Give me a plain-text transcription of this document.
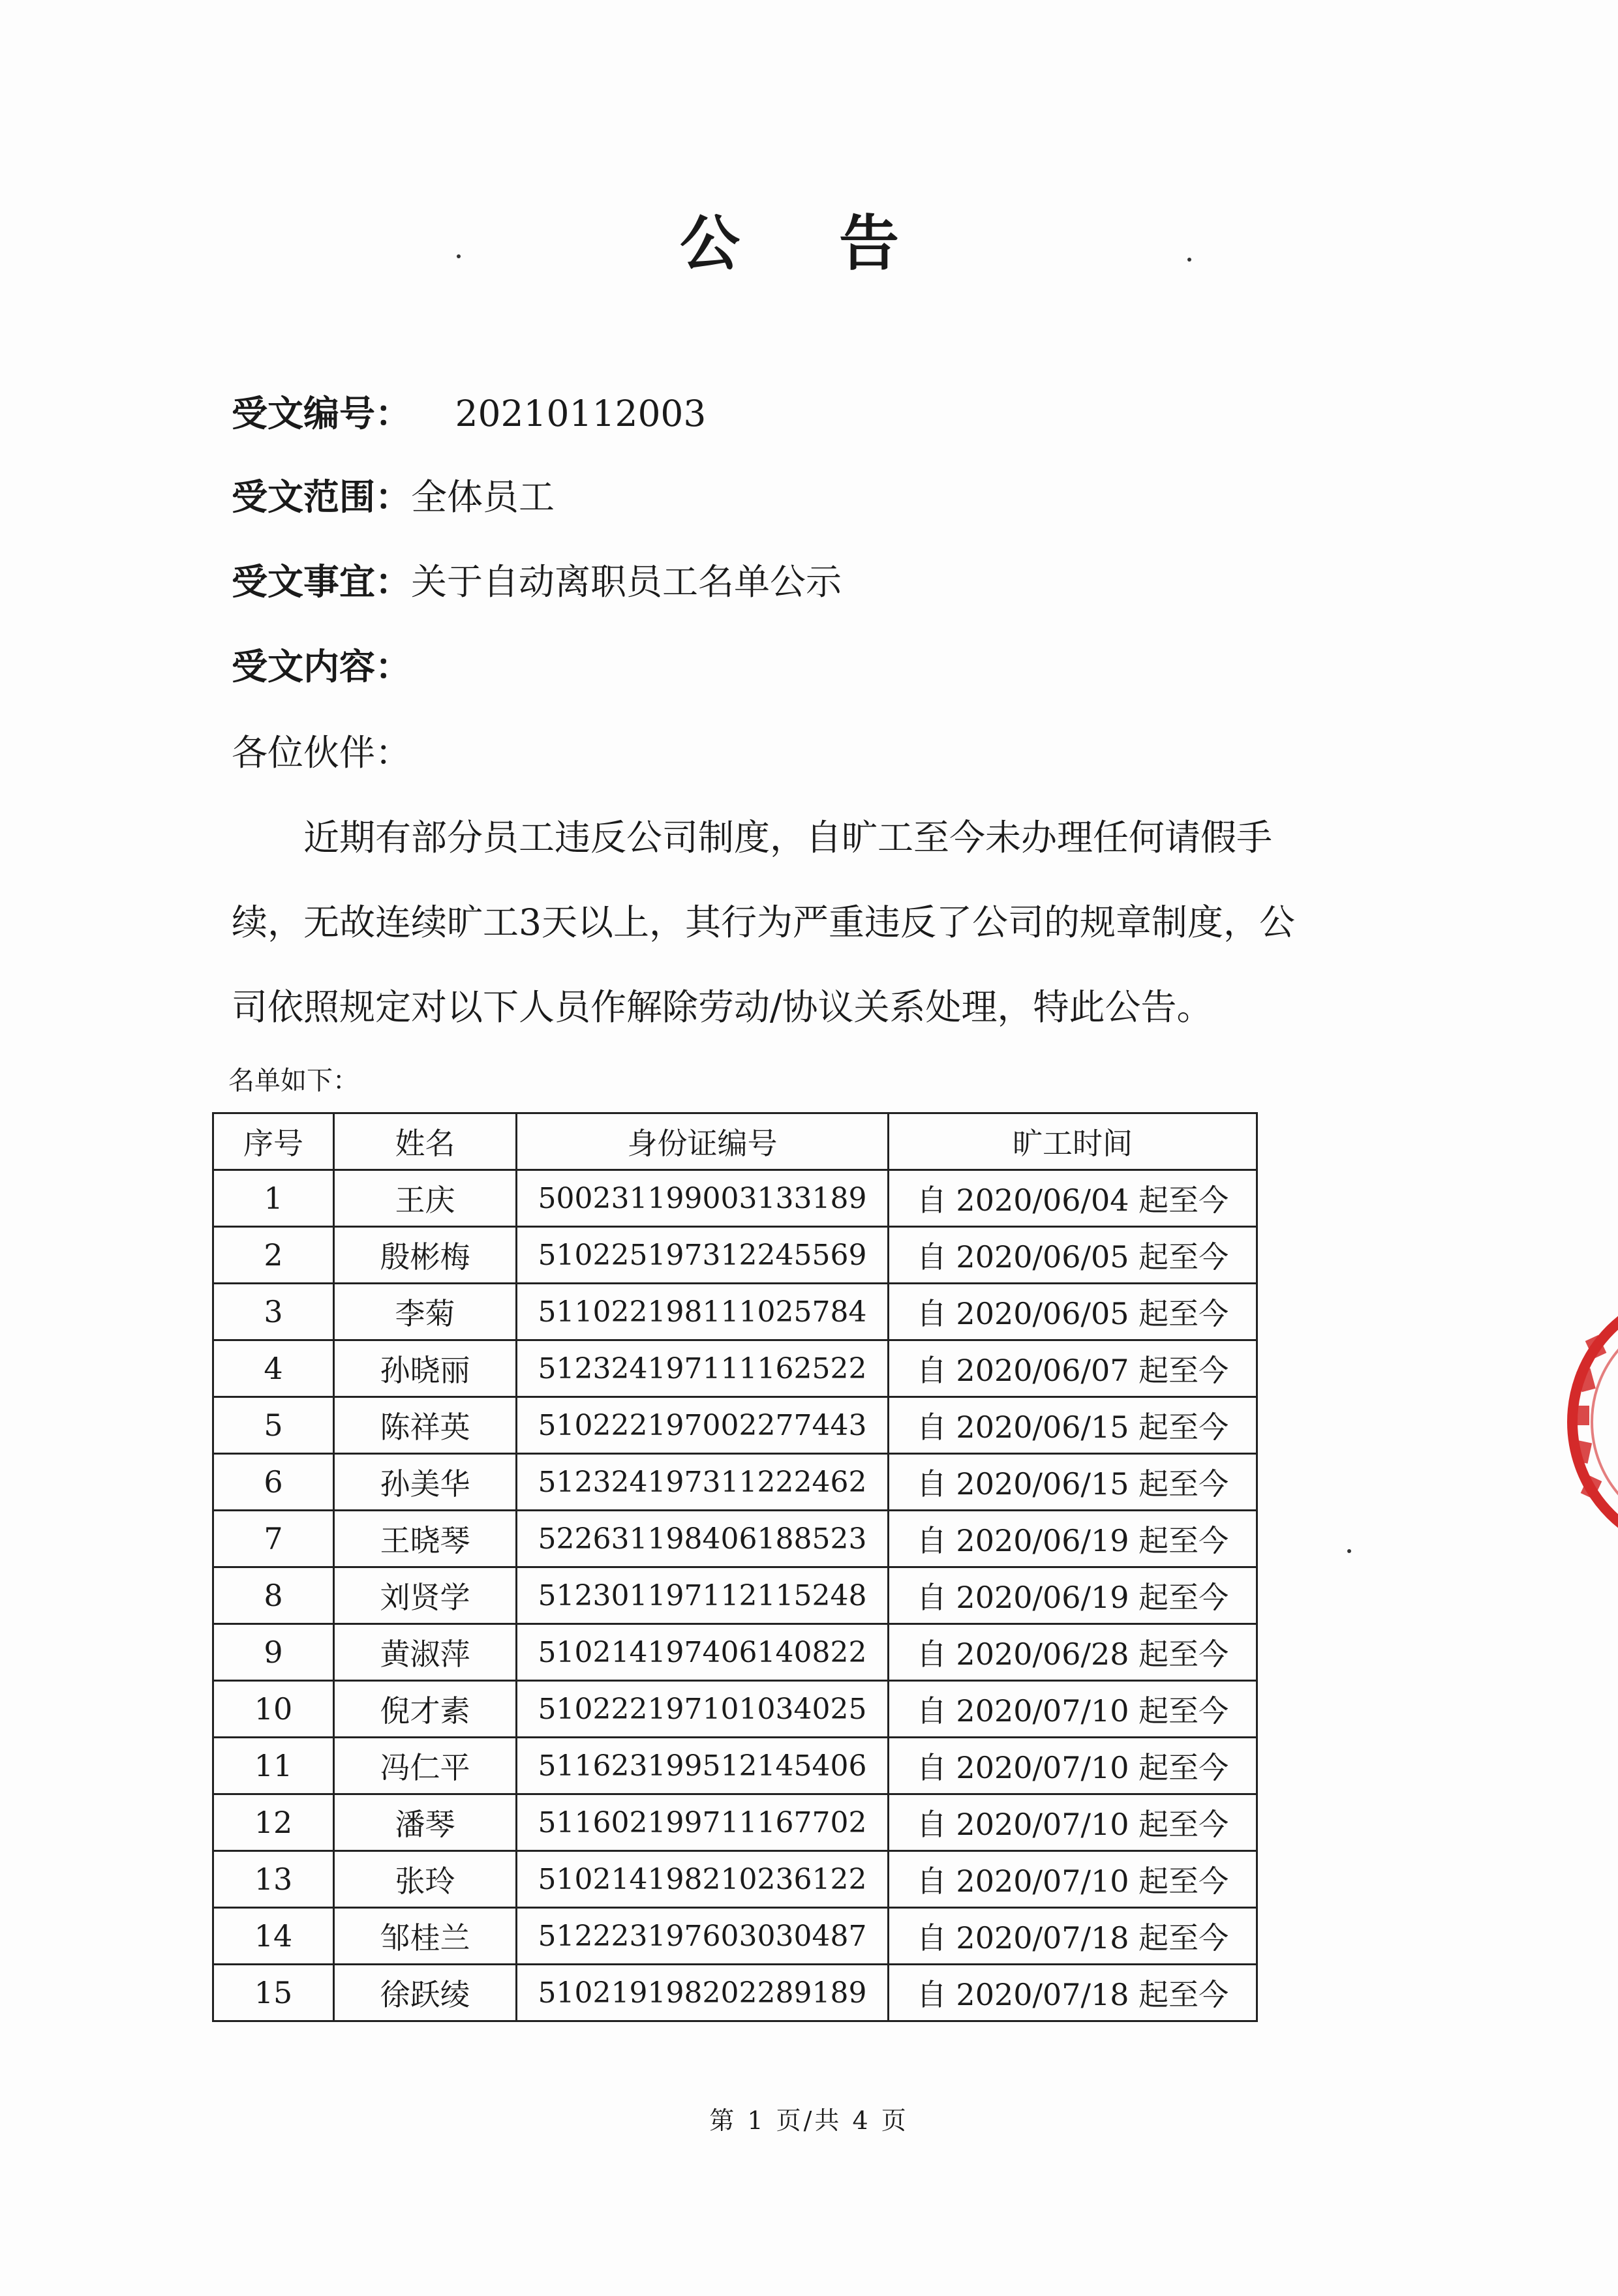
公 告
受文编号： 20210112003
受文范围：全体员工
受文事宜：关于自动离职员工名单公示
受文内容：
各位伙伴：
近期有部分员工违反公司制度，自旷工至今未办理任何请假手
续，无故连续旷工3天以上，其行为严重违反了公司的规章制度，公
司依照规定对以下人员作解除劳动/协议关系处理，特此公告。
名单如下：
序号	姓名	身份证编号	旷工时间
1	王庆	500231199003133189	自 2020/06/04 起至今
2	殷彬梅	510225197312245569	自 2020/06/05 起至今
3	李菊	511022198111025784	自 2020/06/05 起至今
4	孙晓丽	512324197111162522	自 2020/06/07 起至今
5	陈祥英	510222197002277443	自 2020/06/15 起至今
6	孙美华	512324197311222462	自 2020/06/15 起至今
7	王晓琴	522631198406188523	自 2020/06/19 起至今
8	刘贤学	512301197112115248	自 2020/06/19 起至今
9	黄淑萍	510214197406140822	自 2020/06/28 起至今
10	倪才素	510222197101034025	自 2020/07/10 起至今
11	冯仁平	511623199512145406	自 2020/07/10 起至今
12	潘琴	511602199711167702	自 2020/07/10 起至今
13	张玲	510214198210236122	自 2020/07/10 起至今
14	邹桂兰	512223197603030487	自 2020/07/18 起至今
15	徐跃绫	510219198202289189	自 2020/07/18 起至今
第 1 页/共 4 页
